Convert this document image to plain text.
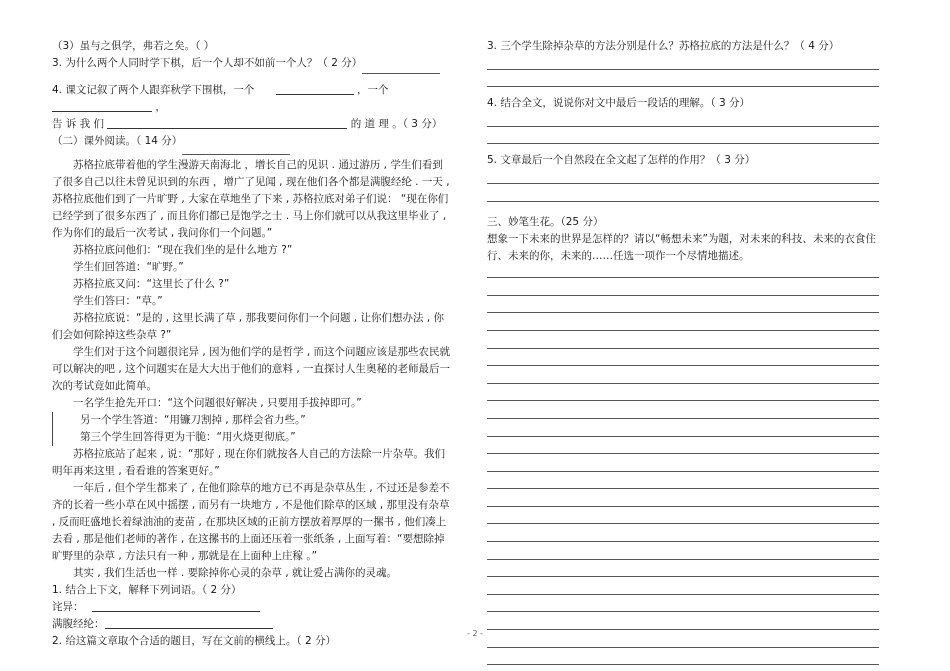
（3）虽与之俱学，弗若之矣。（ ）

3. 为什么两个人同时学下棋，后一个人却不如前一个人？（ 2 分）

4. 课文记叙了两个人跟弈秋学下围棋，一个	，一个  ，

告 诉 我 们	的 道 理 。（ 3 分）

（二）课外阅读。（ 14 分）

苏格拉底带着他的学生漫游天南海北 ，增长自己的见识 . 通过游历 , 学生们看到了很多自己以往未曾见识到的东西 ，增广了见闻 , 现在他们各个都是满腹经纶 . 一天 , 苏格拉底他们到了一片旷野 , 大家在草地坐了下来 , 苏格拉底对弟子们说： “现在你们已经学到了很多东西了 , 而且你们都已是饱学之士 . 马上你们就可以从我这里毕业了 , 作为你们的最后一次考试 , 我问你们一个问题。”

苏格拉底问他们：“现在我们坐的是什么地方 ?”

学生们回答道：“旷野。”

苏格拉底又问：“这里长了什么 ?”

学生们答曰：“草。”

苏格拉底说：“是的 , 这里长满了草 , 那我要问你们一个问题 , 让你们想办法 , 你们会如何除掉这些杂草 ?”

学生们对于这个问题很诧异 , 因为他们学的是哲学 , 而这个问题应该是那些农民就可以解决的吧 , 这个问题实在是大大出于他们的意料 , 一直探讨人生奥秘的老师最后一次的考试竟如此简单。

一名学生抢先开口：“这个问题很好解决 , 只要用手拔掉即可。”

另一个学生答道：“用镰刀割掉 , 那样会省力些。”

第三个学生回答得更为干脆：“用火烧更彻底。”

苏格拉底站了起来 , 说：“那好 , 现在你们就按各人自己的方法除一片杂草。我们明年再来这里 , 看看谁的答案更好。”

一年后 , 但个学生都来了 , 在他们除草的地方已不再是杂草丛生 , 不过还是参差不齐的长着一些小草在风中摇摆 , 而另有一块地方 , 不是他们除草的区域 , 那里没有杂草 , 反而旺盛地长着绿油油的麦苗 , 在那块区域的正前方摆放着厚厚的一摞书 , 他们凑上去看 , 那是他们老师的著作 , 在这摞书的上面还压着一张纸条 , 上面写着：“要想除掉旷野里的杂草 , 方法只有一种 , 那就是在上面种上庄稼 。”

其实 , 我们生活也一样 . 要除掉你心灵的杂草 , 就让爱占满你的灵魂。

1. 结合上下文，解释下列词语。（ 2 分）

诧异：

满腹经纶：

2. 给这篇文章取个合适的题目，写在文前的横线上。（ 2 分）

3. 三个学生除掉杂草的方法分别是什么？苏格拉底的方法是什么？（ 4 分）

4. 结合全文，说说你对文中最后一段话的理解。（ 3 分）

5. 文章最后一个自然段在全文起了怎样的作用？（ 3 分）

三、妙笔生花。（25 分）

想象一下未来的世界是怎样的？请以“畅想未来”为题，对未来的科技、未来的衣食住行、未来的你，未来的……任选一项作一个尽情地描述。

- 2 -
